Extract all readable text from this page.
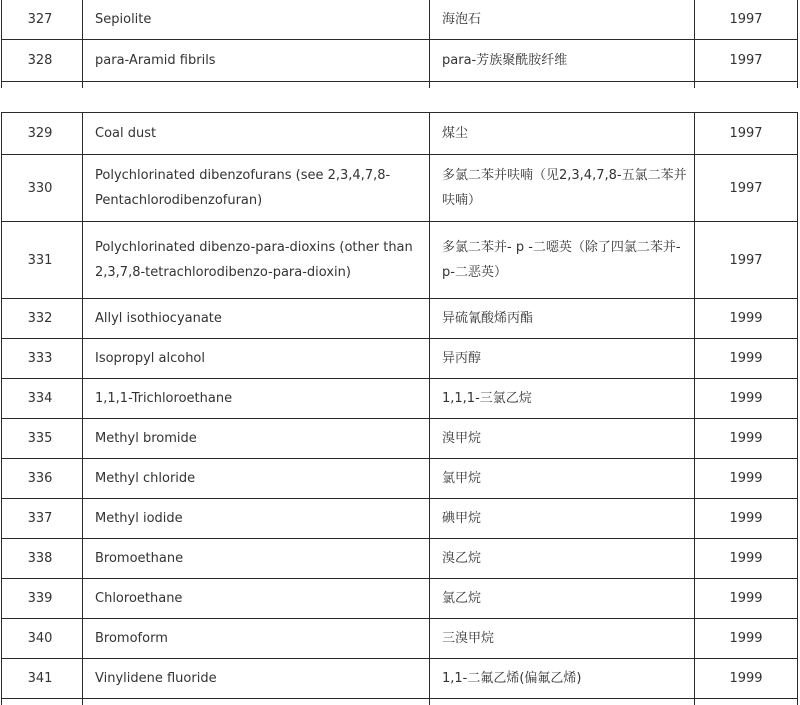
327	Sepiolite	海泡石	1997
328	para-Aramid fibrils	para-芳族聚酰胺纤维	1997

329	Coal dust	煤尘	1997
330	Polychlorinated dibenzofurans (see 2,3,4,7,8-Pentachlorodibenzofuran)	多氯二苯并呋喃（见2,3,4,7,8-五氯二苯并呋喃）	1997
331	Polychlorinated dibenzo-para-dioxins (other than 2,3,7,8-tetrachlorodibenzo-para-dioxin)	多氯二苯并- p -二噁英（除了四氯二苯并-p-二恶英）	1997
332	Allyl isothiocyanate	异硫氰酸烯丙酯	1999
333	Isopropyl alcohol	异丙醇	1999
334	1,1,1-Trichloroethane	1,1,1-三氯乙烷	1999
335	Methyl bromide	溴甲烷	1999
336	Methyl chloride	氯甲烷	1999
337	Methyl iodide	碘甲烷	1999
338	Bromoethane	溴乙烷	1999
339	Chloroethane	氯乙烷	1999
340	Bromoform	三溴甲烷	1999
341	Vinylidene fluoride	1,1-二氟乙烯(偏氟乙烯)	1999
